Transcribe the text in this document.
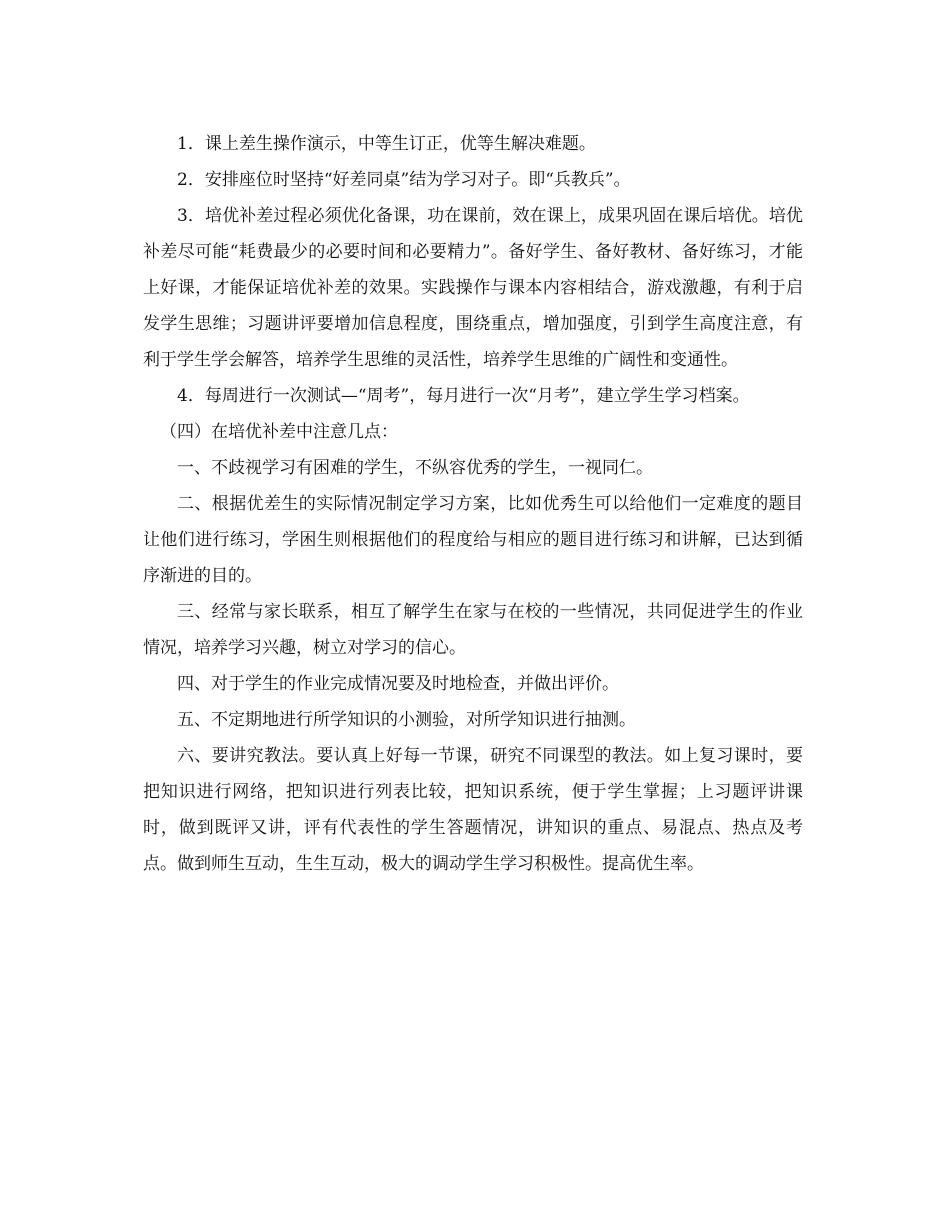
1．课上差生操作演示，中等生订正，优等生解决难题。

2．安排座位时坚持“好差同桌”结为学习对子。即“兵教兵”。

3．培优补差过程必须优化备课，功在课前，效在课上，成果巩固在课后培优。培优补差尽可能“耗费最少的必要时间和必要精力”。备好学生、备好教材、备好练习，才能上好课，才能保证培优补差的效果。实践操作与课本内容相结合，游戏激趣，有利于启发学生思维；习题讲评要增加信息程度，围绕重点，增加强度，引到学生高度注意，有利于学生学会解答，培养学生思维的灵活性，培养学生思维的广阔性和变通性。

4．每周进行一次测试—“周考”，每月进行一次“月考”，建立学生学习档案。

（四）在培优补差中注意几点：

一、不歧视学习有困难的学生，不纵容优秀的学生，一视同仁。

二、根据优差生的实际情况制定学习方案，比如优秀生可以给他们一定难度的题目让他们进行练习，学困生则根据他们的程度给与相应的题目进行练习和讲解，已达到循序渐进的目的。

三、经常与家长联系，相互了解学生在家与在校的一些情况，共同促进学生的作业情况，培养学习兴趣，树立对学习的信心。

四、对于学生的作业完成情况要及时地检查，并做出评价。

五、不定期地进行所学知识的小测验，对所学知识进行抽测。

六、要讲究教法。要认真上好每一节课，研究不同课型的教法。如上复习课时，要把知识进行网络，把知识进行列表比较，把知识系统，便于学生掌握；上习题评讲课时，做到既评又讲，评有代表性的学生答题情况，讲知识的重点、易混点、热点及考点。做到师生互动，生生互动，极大的调动学生学习积极性。提高优生率。
